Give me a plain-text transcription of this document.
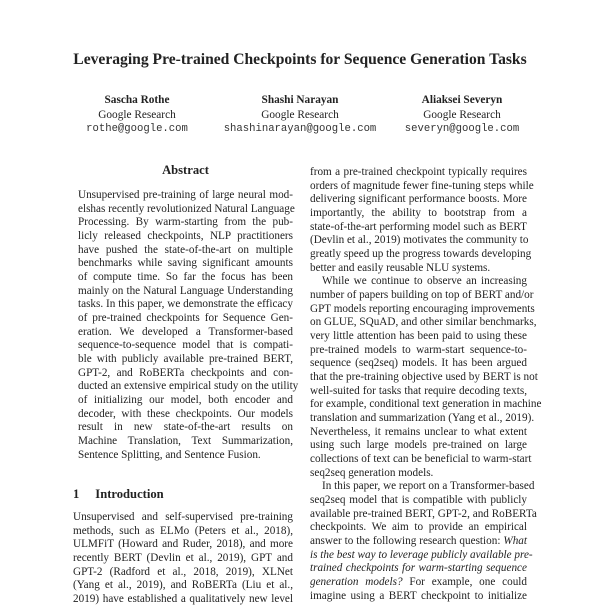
Leveraging Pre-trained Checkpoints for Sequence Generation Tasks
Sascha Rothe
Google Research
rothe@google.com
Shashi Narayan
Google Research
shashinarayan@google.com
Aliaksei Severyn
Google Research
severyn@google.com
Abstract
Unsupervised pre-training of large neural mod-
elshas recently revolutionized Natural Language
Processing. By warm-starting from the pub-
licly released checkpoints, NLP practitioners
have pushed the state-of-the-art on multiple
benchmarks while saving significant amounts
of compute time. So far the focus has been
mainly on the Natural Language Understanding
tasks. In this paper, we demonstrate the efficacy
of pre-trained checkpoints for Sequence Gen-
eration. We developed a Transformer-based
sequence-to-sequence model that is compati-
ble with publicly available pre-trained BERT,
GPT-2, and RoBERTa checkpoints and con-
ducted an extensive empirical study on the utility
of initializing our model, both encoder and
decoder, with these checkpoints. Our models
result in new state-of-the-art results on
Machine Translation, Text Summarization,
Sentence Splitting, and Sentence Fusion.
1 Introduction
Unsupervised and self-supervised pre-training
methods, such as ELMo (Peters et al., 2018),
ULMFiT (Howard and Ruder, 2018), and more
recently BERT (Devlin et al., 2019), GPT and
GPT-2 (Radford et al., 2018, 2019), XLNet
(Yang et al., 2019), and RoBERTa (Liu et al.,
2019) have established a qualitatively new level
from a pre-trained checkpoint typically requires
orders of magnitude fewer fine-tuning steps while
delivering significant performance boosts. More
importantly, the ability to bootstrap from a
state-of-the-art performing model such as BERT
(Devlin et al., 2019) motivates the community to
greatly speed up the progress towards developing
better and easily reusable NLU systems.
While we continue to observe an increasing
number of papers building on top of BERT and/or
GPT models reporting encouraging improvements
on GLUE, SQuAD, and other similar benchmarks,
very little attention has been paid to using these
pre-trained models to warm-start sequence-to-
sequence (seq2seq) models. It has been argued
that the pre-training objective used by BERT is not
well-suited for tasks that require decoding texts,
for example, conditional text generation in machine
translation and summarization (Yang et al., 2019).
Nevertheless, it remains unclear to what extent
using such large models pre-trained on large
collections of text can be beneficial to warm-start
seq2seq generation models.
In this paper, we report on a Transformer-based
seq2seq model that is compatible with publicly
available pre-trained BERT, GPT-2, and RoBERTa
checkpoints. We aim to provide an empirical
answer to the following research question: What
is the best way to leverage publicly available pre-
trained checkpoints for warm-starting sequence
generation models? For example, one could
imagine using a BERT checkpoint to initialize
